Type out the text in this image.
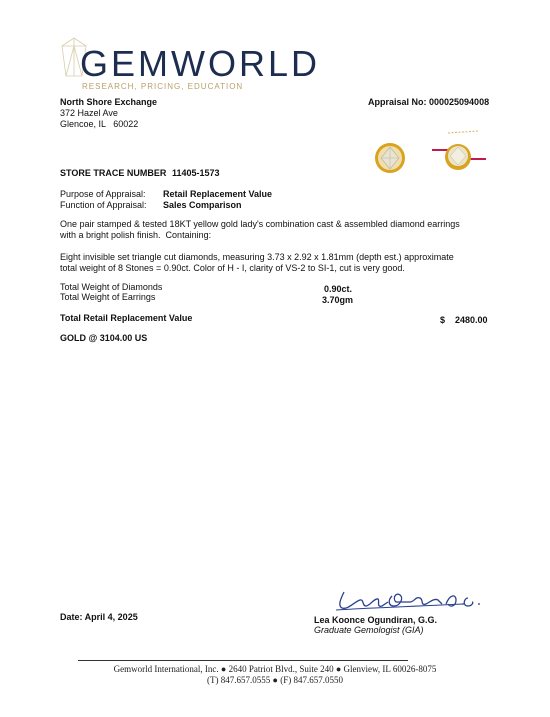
GEMWORLD
RESEARCH, PRICING, EDUCATION
North Shore Exchange
372 Hazel Ave
Glencoe, IL   60022
Appraisal No: 000025094008
STORE TRACE NUMBER 11405-1573
Purpose of Appraisal: Retail Replacement Value
Function of Appraisal: Sales Comparison
One pair stamped & tested 18KT yellow gold lady's combination cast & assembled diamond earrings
with a bright polish finish.  Containing:
Eight invisible set triangle cut diamonds, measuring 3.73 x 2.92 x 1.81mm (depth est.) approximate
total weight of 8 Stones = 0.90ct. Color of H - I, clarity of VS-2 to SI-1, cut is very good.
Total Weight of Diamonds	0.90ct.
Total Weight of Earrings	3.70gm
Total Retail Replacement Value	$ 2480.00
GOLD @ 3104.00 US
Date: April 4, 2025	Lea Koonce Ogundiran, G.G.
Graduate Gemologist (GIA)
Gemworld International, Inc. ● 2640 Patriot Blvd., Suite 240 ● Glenview, IL 60026-8075
(T) 847.657.0555 ● (F) 847.657.0550
